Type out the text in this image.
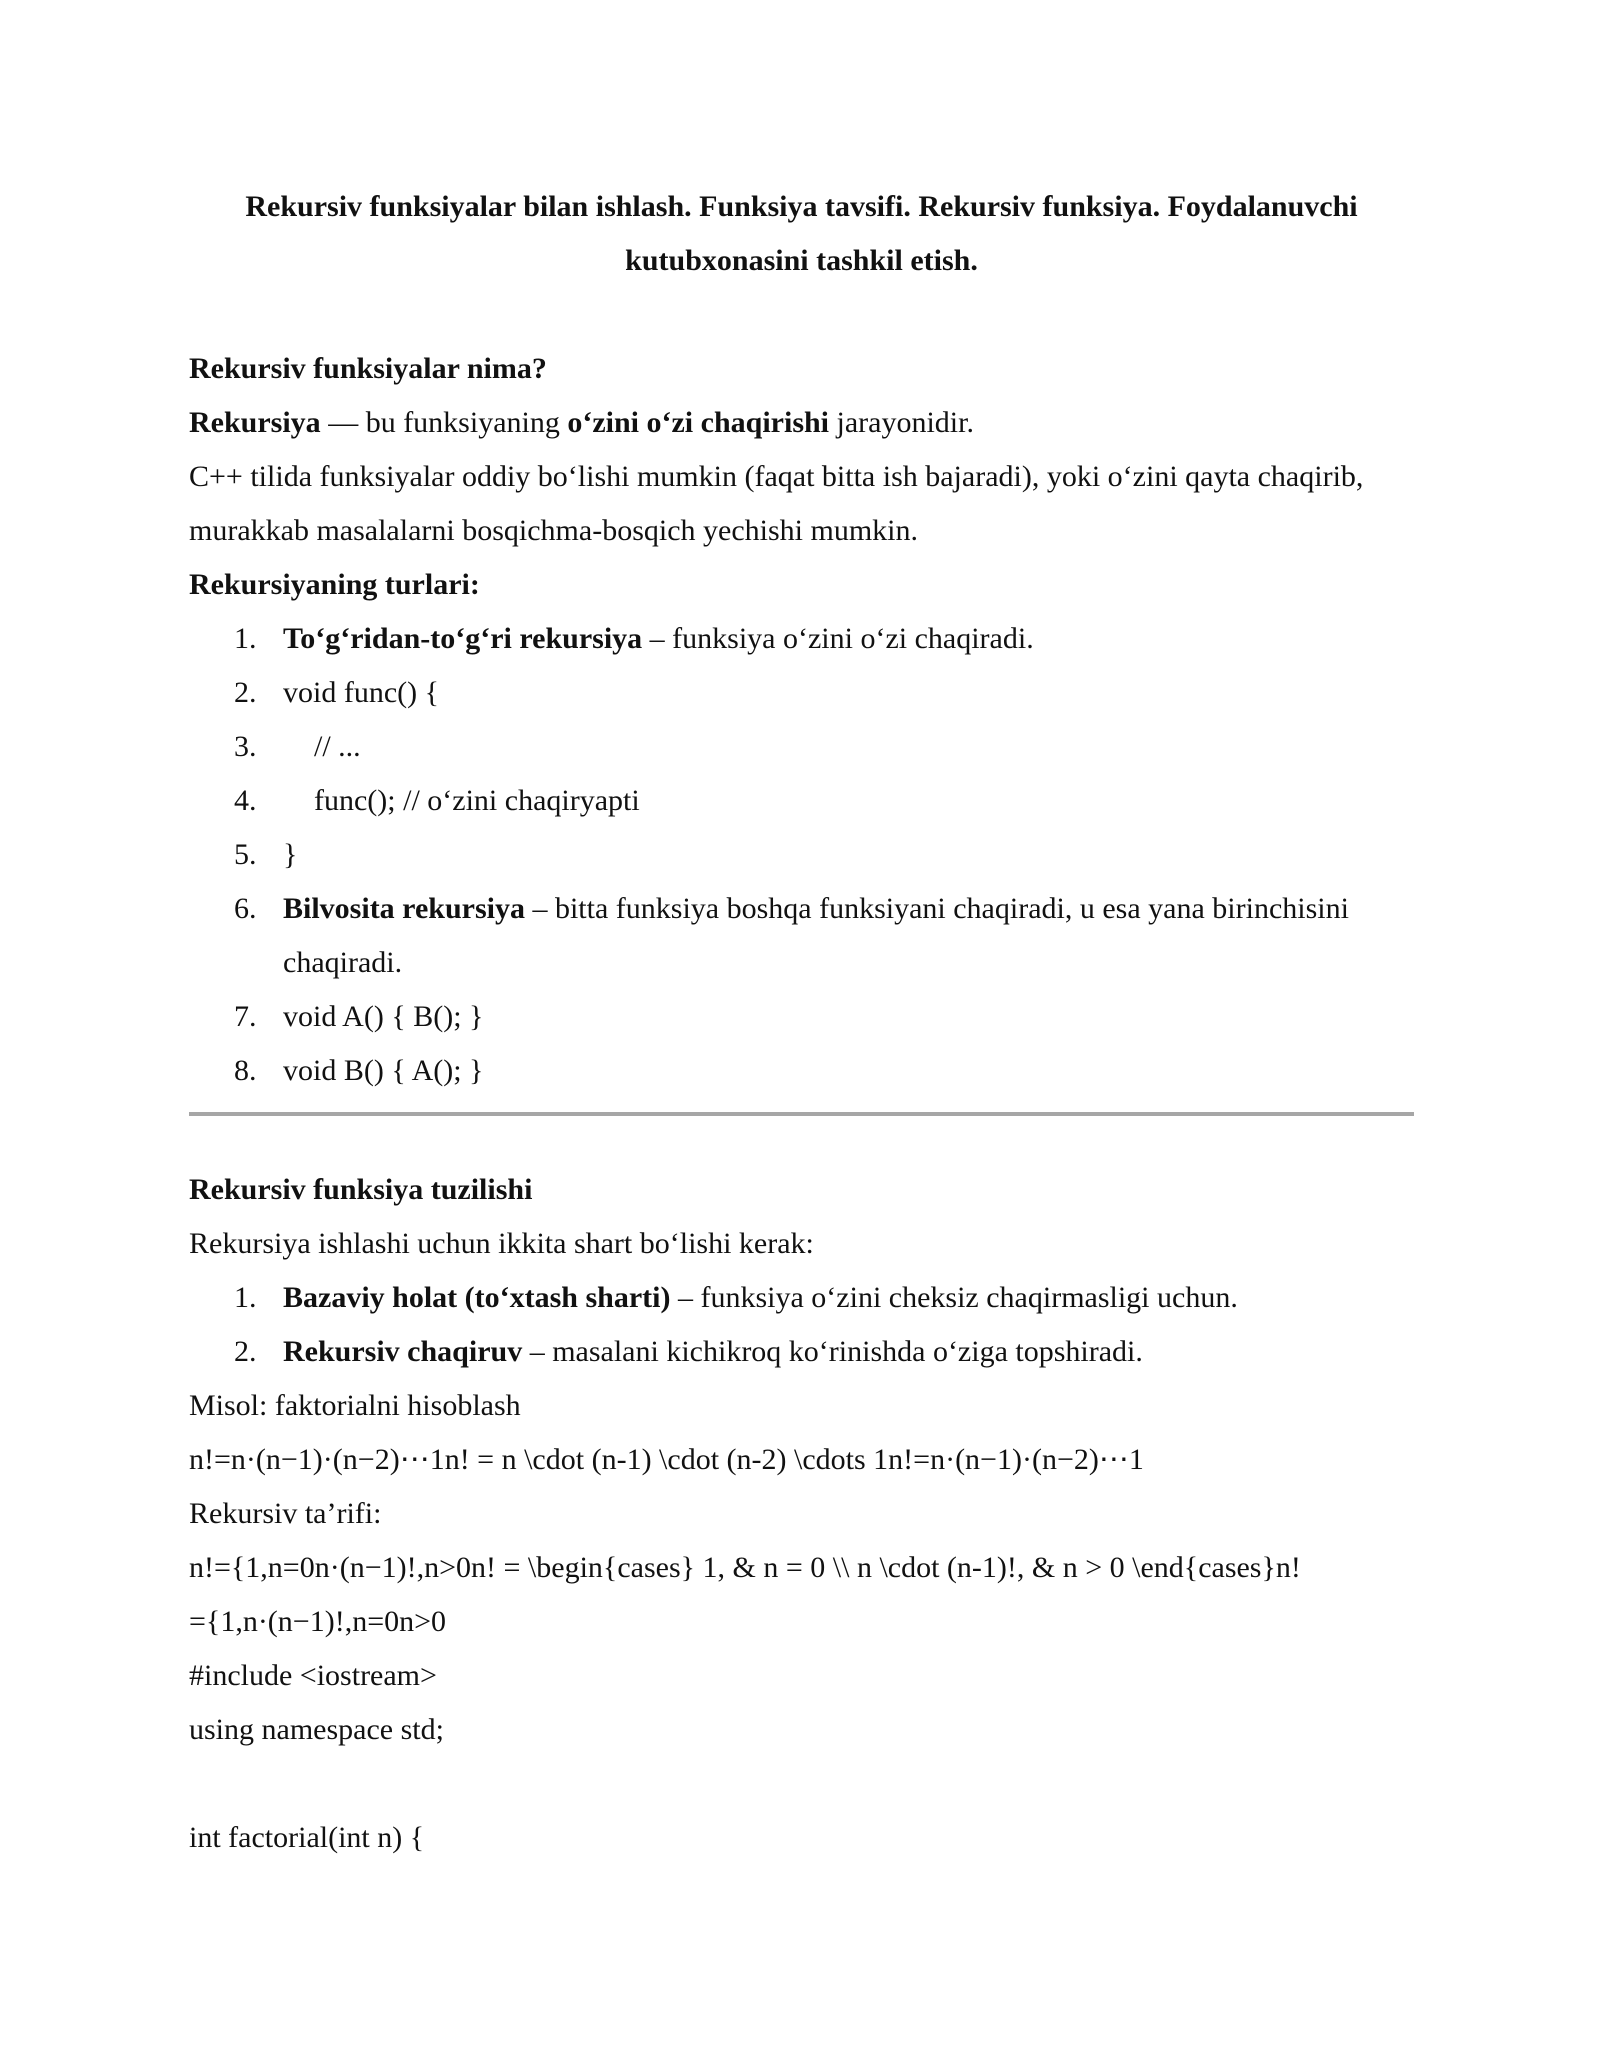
Rekursiv funksiyalar bilan ishlash. Funksiya tavsifi. Rekursiv funksiya. Foydalanuvchi
kutubxonasini tashkil etish.

Rekursiv funksiyalar nima?

Rekursiya — bu funksiyaning o‘zini o‘zi chaqirishi jarayonidir.

C++ tilida funksiyalar oddiy bo‘lishi mumkin (faqat bitta ish bajaradi), yoki o‘zini qayta chaqirib, murakkab masalalarni bosqichma-bosqich yechishi mumkin.

Rekursiyaning turlari:

1. To‘g‘ridan-to‘g‘ri rekursiya – funksiya o‘zini o‘zi chaqiradi.
2. void func() {
3. // ...
4. func(); // o‘zini chaqiryapti
5. }
6. Bilvosita rekursiya – bitta funksiya boshqa funksiyani chaqiradi, u esa yana birinchisini chaqiradi.
7. void A() { B(); }
8. void B() { A(); }

Rekursiv funksiya tuzilishi

Rekursiya ishlashi uchun ikkita shart bo‘lishi kerak:

1. Bazaviy holat (to‘xtash sharti) – funksiya o‘zini cheksiz chaqirmasligi uchun.
2. Rekursiv chaqiruv – masalani kichikroq ko‘rinishda o‘ziga topshiradi.

Misol: faktorialni hisoblash

n!=n·(n−1)·(n−2)⋯1n! = n \cdot (n-1) \cdot (n-2) \cdots 1n!=n·(n−1)·(n−2)⋯1

Rekursiv ta’rifi:

n!={1,n=0n·(n−1)!,n>0n! = \begin{cases} 1, & n = 0 \\ n \cdot (n-1)!, & n > 0 \end{cases}n!

={1,n·(n−1)!,n=0n>0

#include <iostream>

using namespace std;

int factorial(int n) {
